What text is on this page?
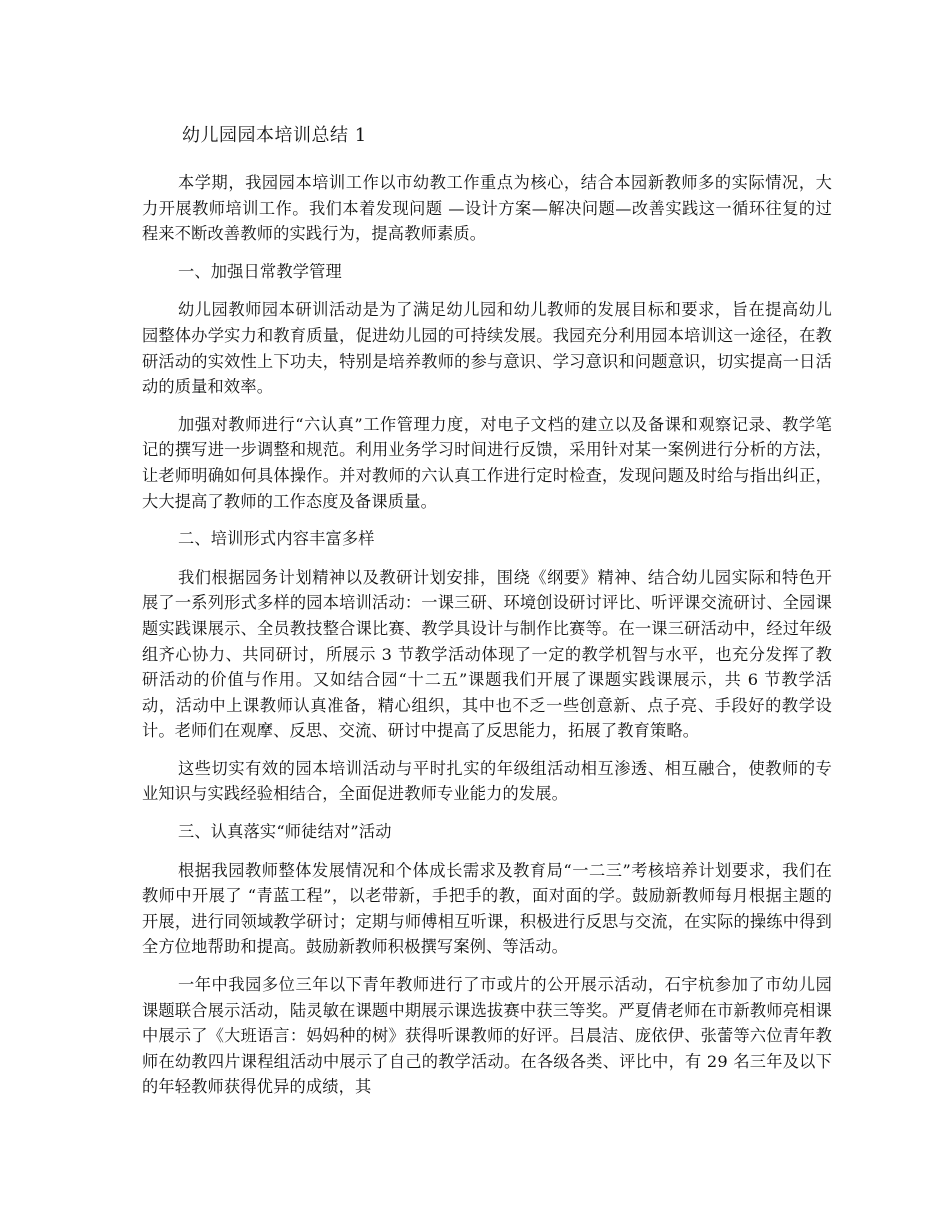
幼儿园园本培训总结 1

本学期，我园园本培训工作以市幼教工作重点为核心，结合本园新教师多的实际情况，大力开展教师培训工作。我们本着发现问题 —设计方案—解决问题—改善实践这一循环往复的过程来不断改善教师的实践行为，提高教师素质。

一、加强日常教学管理

幼儿园教师园本研训活动是为了满足幼儿园和幼儿教师的发展目标和要求，旨在提高幼儿园整体办学实力和教育质量，促进幼儿园的可持续发展。我园充分利用园本培训这一途径，在教研活动的实效性上下功夫，特别是培养教师的参与意识、学习意识和问题意识，切实提高一日活动的质量和效率。

加强对教师进行“六认真”工作管理力度，对电子文档的建立以及备课和观察记录、教学笔记的撰写进一步调整和规范。利用业务学习时间进行反馈，采用针对某一案例进行分析的方法，让老师明确如何具体操作。并对教师的六认真工作进行定时检查，发现问题及时给与指出纠正，大大提高了教师的工作态度及备课质量。

二、培训形式内容丰富多样

我们根据园务计划精神以及教研计划安排，围绕《纲要》精神、结合幼儿园实际和特色开展了一系列形式多样的园本培训活动：一课三研、环境创设研讨评比、听评课交流研讨、全园课题实践课展示、全员教技整合课比赛、教学具设计与制作比赛等。在一课三研活动中，经过年级组齐心协力、共同研讨，所展示 3 节教学活动体现了一定的教学机智与水平，也充分发挥了教研活动的价值与作用。又如结合园“十二五”课题我们开展了课题实践课展示，共 6 节教学活动，活动中上课教师认真准备，精心组织，其中也不乏一些创意新、点子亮、手段好的教学设计。老师们在观摩、反思、交流、研讨中提高了反思能力，拓展了教育策略。

这些切实有效的园本培训活动与平时扎实的年级组活动相互渗透、相互融合，使教师的专业知识与实践经验相结合，全面促进教师专业能力的发展。

三、认真落实“师徒结对”活动

根据我园教师整体发展情况和个体成长需求及教育局“一二三”考核培养计划要求，我们在教师中开展了 “青蓝工程”，以老带新，手把手的教，面对面的学。鼓励新教师每月根据主题的开展，进行同领域教学研讨；定期与师傅相互听课，积极进行反思与交流，在实际的操练中得到全方位地帮助和提高。鼓励新教师积极撰写案例、等活动。

一年中我园多位三年以下青年教师进行了市或片的公开展示活动，石宇杭参加了市幼儿园课题联合展示活动，陆灵敏在课题中期展示课选拔赛中获三等奖。严夏倩老师在市新教师亮相课中展示了《大班语言：妈妈种的树》获得听课教师的好评。吕晨洁、庞依伊、张蕾等六位青年教师在幼教四片课程组活动中展示了自己的教学活动。在各级各类、评比中，有 29 名三年及以下的年轻教师获得优异的成绩，其
